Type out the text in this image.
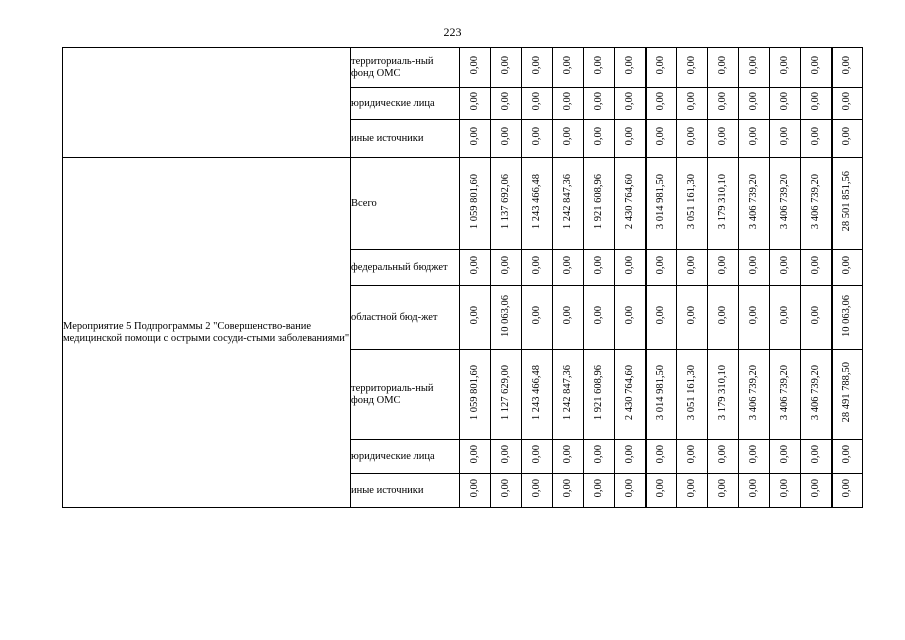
223

	территориаль-ный фонд ОМС	0,00	0,00	0,00	0,00	0,00	0,00	0,00	0,00	0,00	0,00	0,00	0,00	0,00

	юридические лица	0,00	0,00	0,00	0,00	0,00	0,00	0,00	0,00	0,00	0,00	0,00	0,00	0,00

	иные источники	0,00	0,00	0,00	0,00	0,00	0,00	0,00	0,00	0,00	0,00	0,00	0,00	0,00

Мероприятие 5 Подпрограммы 2 "Совершенство-вание медицинской помощи с острыми сосуди-стыми заболеваниями"	Всего	1 059 801,60	1 137 692,06	1 243 466,48	1 242 847,36	1 921 608,96	2 430 764,60	3 014 981,50	3 051 161,30	3 179 310,10	3 406 739,20	3 406 739,20	3 406 739,20	28 501 851,56

	федеральный бюджет	0,00	0,00	0,00	0,00	0,00	0,00	0,00	0,00	0,00	0,00	0,00	0,00	0,00

	областной бюд-жет	0,00	10 063,06	0,00	0,00	0,00	0,00	0,00	0,00	0,00	0,00	0,00	0,00	10 063,06

	территориаль-ный фонд ОМС	1 059 801,60	1 127 629,00	1 243 466,48	1 242 847,36	1 921 608,96	2 430 764,60	3 014 981,50	3 051 161,30	3 179 310,10	3 406 739,20	3 406 739,20	3 406 739,20	28 491 788,50

	юридические лица	0,00	0,00	0,00	0,00	0,00	0,00	0,00	0,00	0,00	0,00	0,00	0,00	0,00

	иные источники	0,00	0,00	0,00	0,00	0,00	0,00	0,00	0,00	0,00	0,00	0,00	0,00	0,00
